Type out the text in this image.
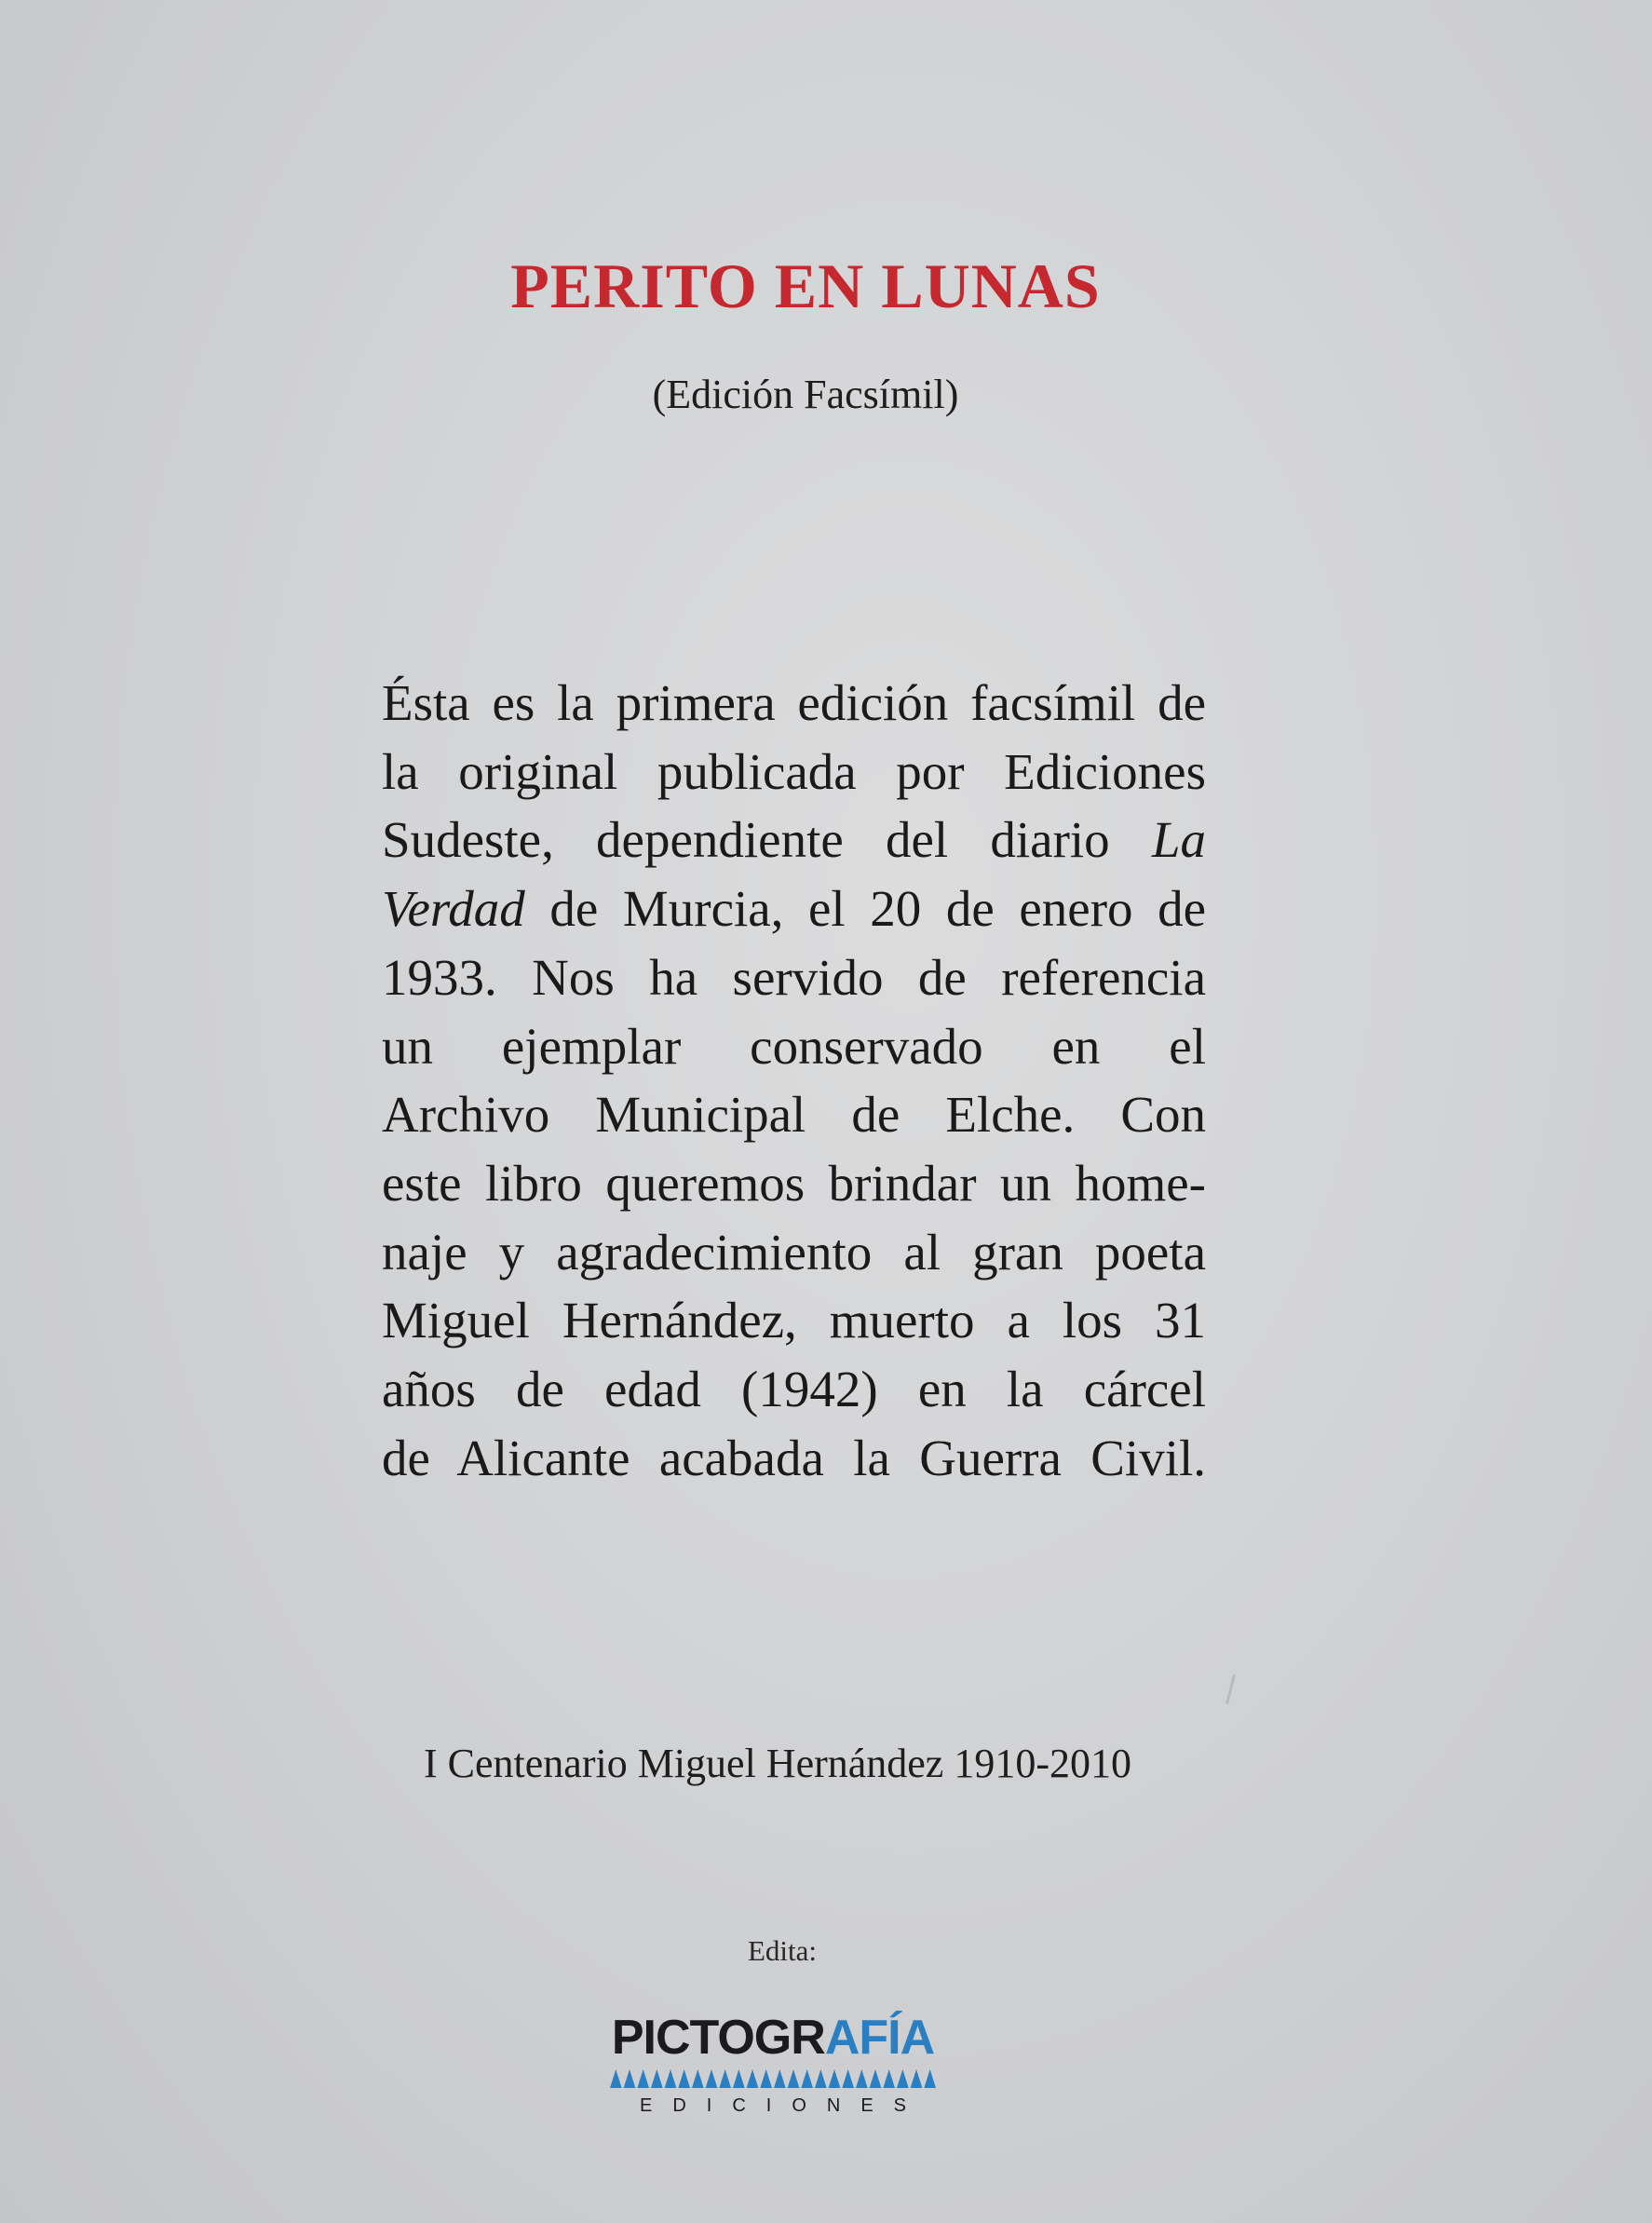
PERITO EN LUNAS
(Edición Facsímil)
Ésta es la primera edición facsímil de
la original publicada por Ediciones
Sudeste, dependiente del diario La
Verdad de Murcia, el 20 de enero de
1933. Nos ha servido de referencia
un ejemplar conservado en el
Archivo Municipal de Elche. Con
este libro queremos brindar un home-
naje y agradecimiento al gran poeta
Miguel Hernández, muerto a los 31
años de edad (1942) en la cárcel
de Alicante acabada la Guerra Civil.
I Centenario Miguel Hernández 1910-2010
Edita:
PICTOGRAFÍA
EDICIONES
